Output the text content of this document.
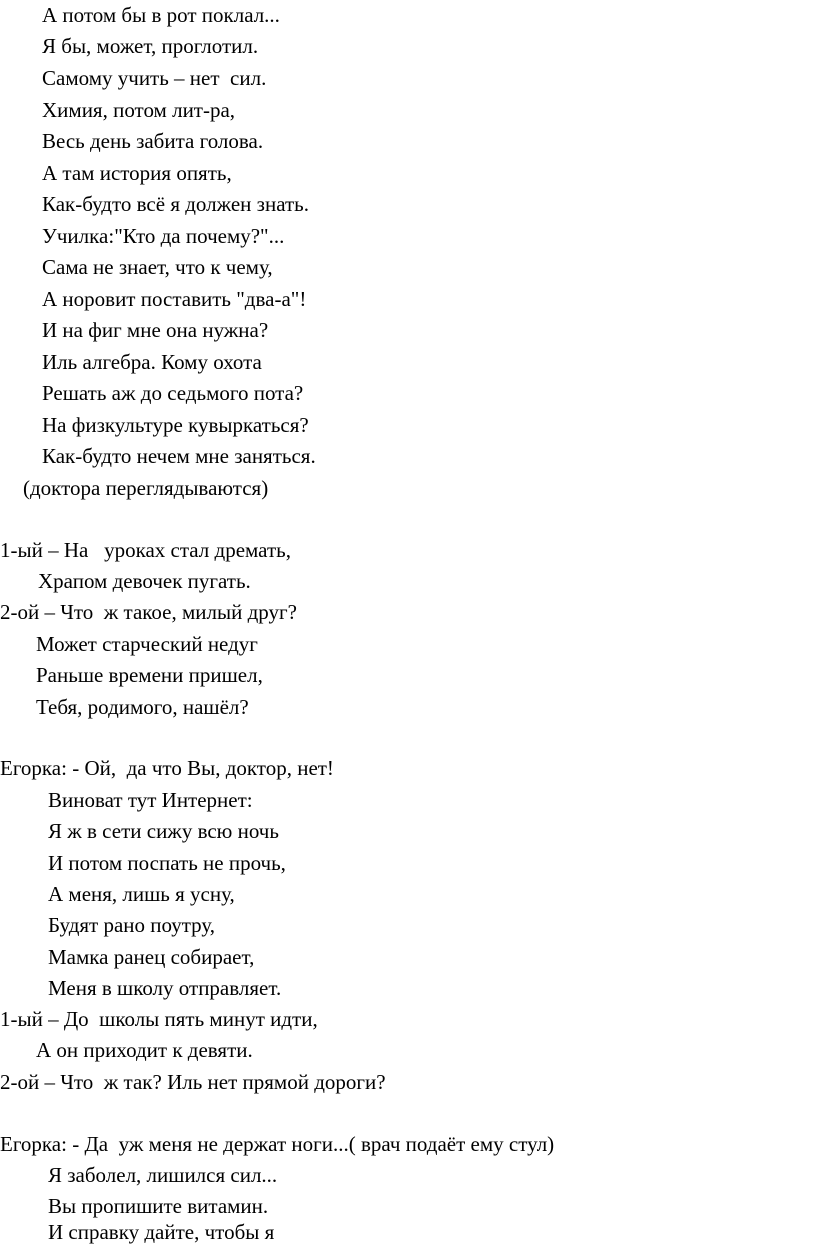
А потом бы в рот поклал...

Я бы, может, проглотил.

Самому учить – нет  сил.

Химия, потом лит-ра,

Весь день забита голова.

А там история опять,

Как-будто всё я должен знать.

Училка:"Кто да почему?"...

Сама не знает, что к чему,

А норовит поставить "два-а"!

И на фиг мне она нужна?

Иль алгебра. Кому охота

Решать аж до седьмого пота?

На физкультуре кувыркаться?

Как-будто нечем мне заняться.

(доктора переглядываются)

1-ый – На   уроках стал дремать,

Храпом девочек пугать.

2-ой – Что  ж такое, милый друг?

Может старческий недуг

Раньше времени пришел,

Тебя, родимого, нашёл?

Егорка: - Ой,  да что Вы, доктор, нет!

Виноват тут Интернет:

Я ж в сети сижу всю ночь

И потом поспать не прочь,

А меня, лишь я усну,

Будят рано поутру,

Мамка ранец собирает,

Меня в школу отправляет.

1-ый – До  школы пять минут идти,

А он приходит к девяти.

2-ой – Что  ж так? Иль нет прямой дороги?

Егорка: - Да  уж меня не держат ноги...( врач подаёт ему стул)

Я заболел, лишился сил...

Вы пропишите витамин.

И справку дайте, чтобы я
